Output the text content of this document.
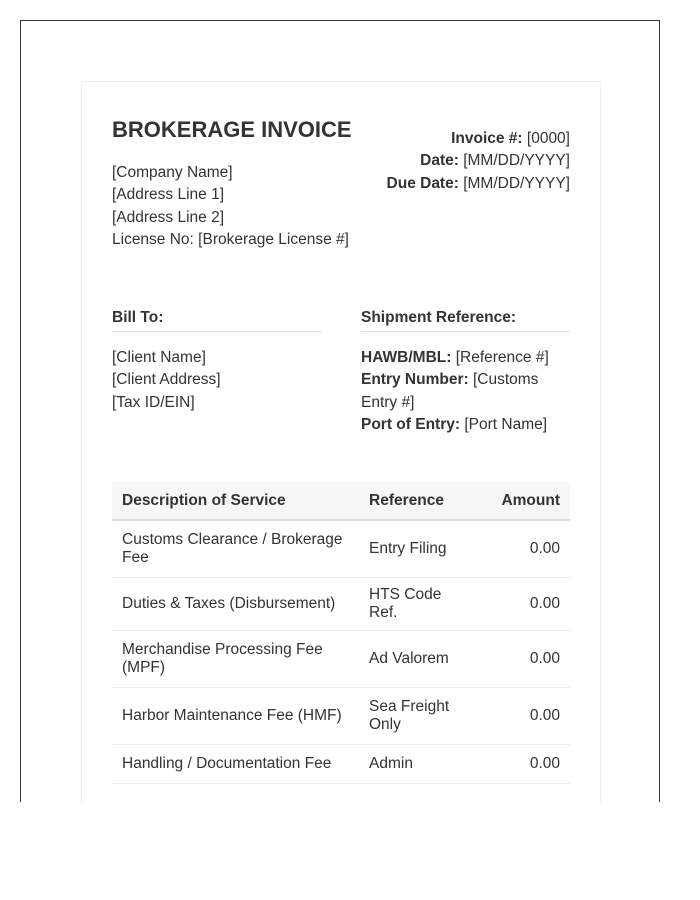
BROKERAGE INVOICE
[Company Name]
[Address Line 1]
[Address Line 2]
License No: [Brokerage License #]
Invoice #: [0000]
Date: [MM/DD/YYYY]
Due Date: [MM/DD/YYYY]
Bill To:	Shipment Reference:
[Client Name]
[Client Address]
[Tax ID/EIN]
HAWB/MBL: [Reference #]
Entry Number: [Customs Entry #]
Port of Entry: [Port Name]
Description of Service	Reference	Amount
Customs Clearance / Brokerage Fee	Entry Filing	0.00
Duties & Taxes (Disbursement)	HTS Code Ref.	0.00
Merchandise Processing Fee (MPF)	Ad Valorem	0.00
Harbor Maintenance Fee (HMF)	Sea Freight Only	0.00
Handling / Documentation Fee	Admin	0.00
